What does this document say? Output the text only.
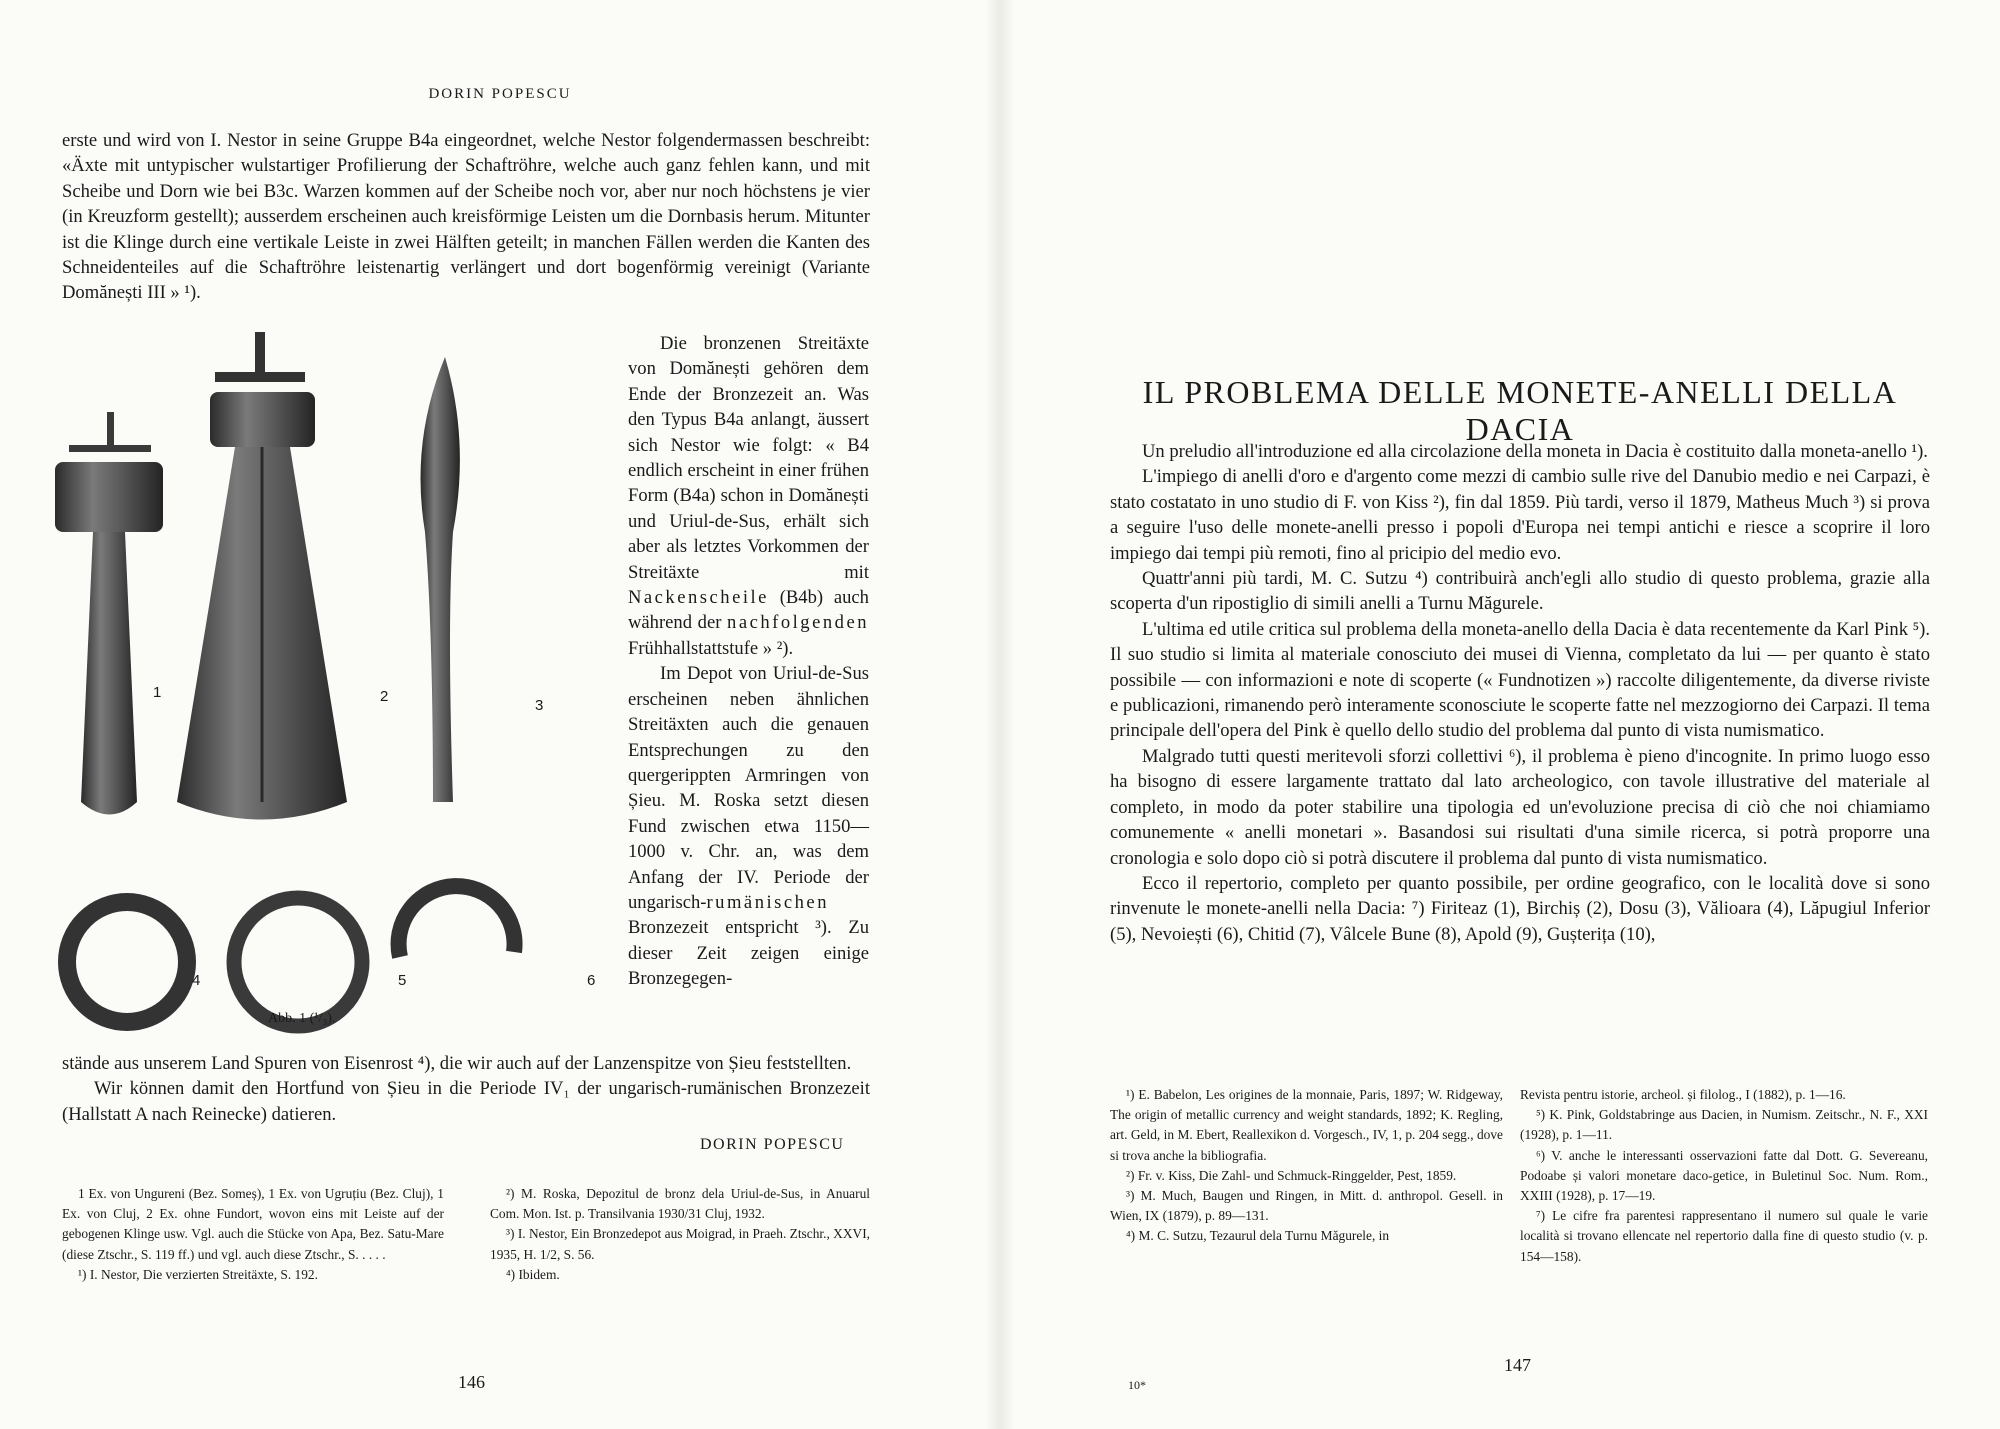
DORIN POPESCU

erste und wird von I. Nestor in seine Gruppe B4a eingeordnet, welche Nestor folgendermassen beschreibt: «Äxte mit untypischer wulstartiger Profilierung der Schaftröhre, welche auch ganz fehlen kann, und mit Scheibe und Dorn wie bei B3c. Warzen kommen auf der Scheibe noch vor, aber nur noch höchstens je vier (in Kreuzform gestellt); ausserdem erscheinen auch kreisförmige Leisten um die Dornbasis herum. Mitunter ist die Klinge durch eine vertikale Leiste in zwei Hälften geteilt; in manchen Fällen werden die Kanten des Schneidenteiles auf die Schaftröhre leistenartig verlängert und dort bogenförmig vereinigt (Variante Domănești III » ¹).

1	2
3
4	5	6
Abb. 1 (¹/₃).

Die bronzenen Streitäxte von Domănești gehören dem Ende der Bronzezeit an. Was den Typus B4a anlangt, äussert sich Nestor wie folgt: « B4 endlich erscheint in einer frühen Form (B4a) schon in Domănești und Uriul-de-Sus, erhält sich aber als letztes Vorkommen der Streitäxte mit Nackenscheile (B4b) auch während der nachfolgenden Frühhallstattstufe » ²).

Im Depot von Uriul-de-Sus erscheinen neben ähnlichen Streitäxten auch die genauen Entsprechungen zu den quergerippten Armringen von Șieu. M. Roska setzt diesen Fund zwischen etwa 1150—1000 v. Chr. an, was dem Anfang der IV. Periode der ungarisch-rumänischen Bronzezeit entspricht ³). Zu dieser Zeit zeigen einige Bronzegegen-

stände aus unserem Land Spuren von Eisenrost ⁴), die wir auch auf der Lanzenspitze von Șieu feststellten.

Wir können damit den Hortfund von Șieu in die Periode IV₁ der ungarisch-rumänischen Bronzezeit (Hallstatt A nach Reinecke) datieren.

DORIN POPESCU

1 Ex. von Ungureni (Bez. Someș), 1 Ex. von Ugruțiu (Bez. Cluj), 1 Ex. von Cluj, 2 Ex. ohne Fundort, wovon eins mit Leiste auf der gebogenen Klinge usw. Vgl. auch die Stücke von Apa, Bez. Satu-Mare (diese Ztschr., S. 119 ff.) und vgl. auch diese Ztschr., S. . . . .

¹) I. Nestor, Die verzierten Streitäxte, S. 192.

²) M. Roska, Depozitul de bronz dela Uriul-de-Sus, in Anuarul Com. Mon. Ist. p. Transilvania 1930/31 Cluj, 1932.

³) I. Nestor, Ein Bronzedepot aus Moigrad, in Praeh. Ztschr., XXVI, 1935, H. 1/2, S. 56.

⁴) Ibidem.

146
IL PROBLEMA DELLE MONETE-ANELLI DELLA DACIA

Un preludio all'introduzione ed alla circolazione della moneta in Dacia è costituito dalla moneta-anello ¹).

L'impiego di anelli d'oro e d'argento come mezzi di cambio sulle rive del Danubio medio e nei Carpazi, è stato costatato in uno studio di F. von Kiss ²), fin dal 1859. Più tardi, verso il 1879, Matheus Much ³) si prova a seguire l'uso delle monete-anelli presso i popoli d'Europa nei tempi antichi e riesce a scoprire il loro impiego dai tempi più remoti, fino al pricipio del medio evo.

Quattr'anni più tardi, M. C. Sutzu ⁴) contribuirà anch'egli allo studio di questo problema, grazie alla scoperta d'un ripostiglio di simili anelli a Turnu Măgurele.

L'ultima ed utile critica sul problema della moneta-anello della Dacia è data recentemente da Karl Pink ⁵). Il suo studio si limita al materiale conosciuto dei musei di Vienna, completato da lui — per quanto è stato possibile — con informazioni e note di scoperte (« Fundnotizen ») raccolte diligentemente, da diverse riviste e publicazioni, rimanendo però interamente sconosciute le scoperte fatte nel mezzogiorno dei Carpazi. Il tema principale dell'opera del Pink è quello dello studio del problema dal punto di vista numismatico.

Malgrado tutti questi meritevoli sforzi collettivi ⁶), il problema è pieno d'incognite. In primo luogo esso ha bisogno di essere largamente trattato dal lato archeologico, con tavole illustrative del materiale al completo, in modo da poter stabilire una tipologia ed un'evoluzione precisa di ciò che noi chiamiamo comunemente « anelli monetari ». Basandosi sui risultati d'una simile ricerca, si potrà proporre una cronologia e solo dopo ciò si potrà discutere il problema dal punto di vista numismatico.

Ecco il repertorio, completo per quanto possibile, per ordine geografico, con le località dove si sono rinvenute le monete-anelli nella Dacia: ⁷) Firiteaz (1), Birchiș (2), Dosu (3), Vălioara (4), Lăpugiul Inferior (5), Nevoiești (6), Chitid (7), Vâlcele Bune (8), Apold (9), Gușterița (10),

¹) E. Babelon, Les origines de la monnaie, Paris, 1897; W. Ridgeway, The origin of metallic currency and weight standards, 1892; K. Regling, art. Geld, in M. Ebert, Reallexikon d. Vorgesch., IV, 1, p. 204 segg., dove si trova anche la bibliografia.

²) Fr. v. Kiss, Die Zahl- und Schmuck-Ringgelder, Pest, 1859.

³) M. Much, Baugen und Ringen, in Mitt. d. anthropol. Gesell. in Wien, IX (1879), p. 89—131.

⁴) M. C. Sutzu, Tezaurul dela Turnu Măgurele, in

Revista pentru istorie, archeol. și filolog., I (1882), p. 1—16.

⁵) K. Pink, Goldstabringe aus Dacien, in Numism. Zeitschr., N. F., XXI (1928), p. 1—11.

⁶) V. anche le interessanti osservazioni fatte dal Dott. G. Severeanu, Podoabe și valori monetare daco-getice, in Buletinul Soc. Num. Rom., XXIII (1928), p. 17—19.

⁷) Le cifre fra parentesi rappresentano il numero sul quale le varie località si trovano ellencate nel repertorio dalla fine di questo studio (v. p. 154—158).

10*
147
